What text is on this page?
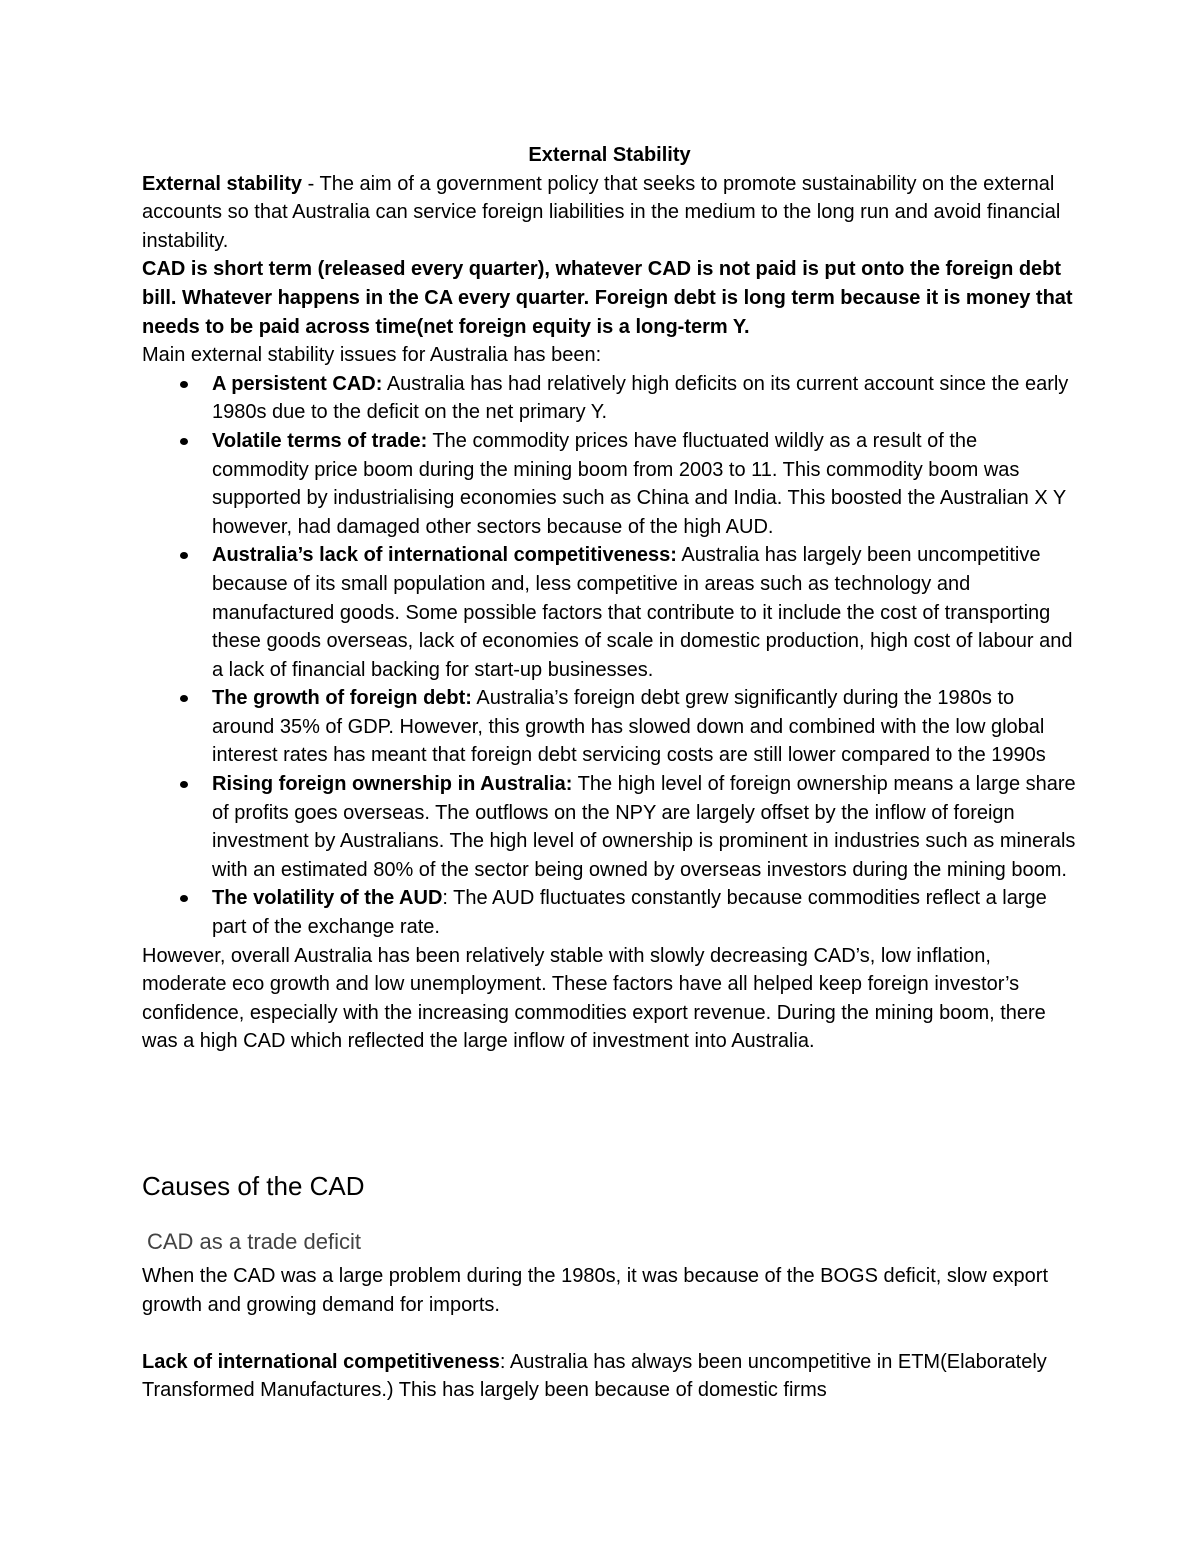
External Stability

External stability - The aim of a government policy that seeks to promote sustainability on the external accounts so that Australia can service foreign liabilities in the medium to the long run and avoid financial instability.

CAD is short term (released every quarter), whatever CAD is not paid is put onto the foreign debt bill. Whatever happens in the CA every quarter. Foreign debt is long term because it is money that needs to be paid across time(net foreign equity is a long-term Y.

Main external stability issues for Australia has been:

A persistent CAD: Australia has had relatively high deficits on its current account since the early 1980s due to the deficit on the net primary Y.
Volatile terms of trade: The commodity prices have fluctuated wildly as a result of the commodity price boom during the mining boom from 2003 to 11. This commodity boom was supported by industrialising economies such as China and India. This boosted the Australian X Y however, had damaged other sectors because of the high AUD.
Australia’s lack of international competitiveness: Australia has largely been uncompetitive because of its small population and, less competitive in areas such as technology and manufactured goods. Some possible factors that contribute to it include the cost of transporting these goods overseas, lack of economies of scale in domestic production, high cost of labour and a lack of financial backing for start-up businesses.
The growth of foreign debt: Australia’s foreign debt grew significantly during the 1980s to around 35% of GDP. However, this growth has slowed down and combined with the low global interest rates has meant that foreign debt servicing costs are still lower compared to the 1990s
Rising foreign ownership in Australia: The high level of foreign ownership means a large share of profits goes overseas. The outflows on the NPY are largely offset by the inflow of foreign investment by Australians. The high level of ownership is prominent in industries such as minerals with an estimated 80% of the sector being owned by overseas investors during the mining boom.
The volatility of the AUD: The AUD fluctuates constantly because commodities reflect a large part of the exchange rate.

However, overall Australia has been relatively stable with slowly decreasing CAD’s, low inflation, moderate eco growth and low unemployment. These factors have all helped keep foreign investor’s confidence, especially with the increasing commodities export revenue. During the mining boom, there was a high CAD which reflected the large inflow of investment into Australia.

Causes of the CAD
CAD as a trade deficit

When the CAD was a large problem during the 1980s, it was because of the BOGS deficit, slow export growth and growing demand for imports.

Lack of international competitiveness: Australia has always been uncompetitive in ETM(Elaborately Transformed Manufactures.) This has largely been because of domestic firms
